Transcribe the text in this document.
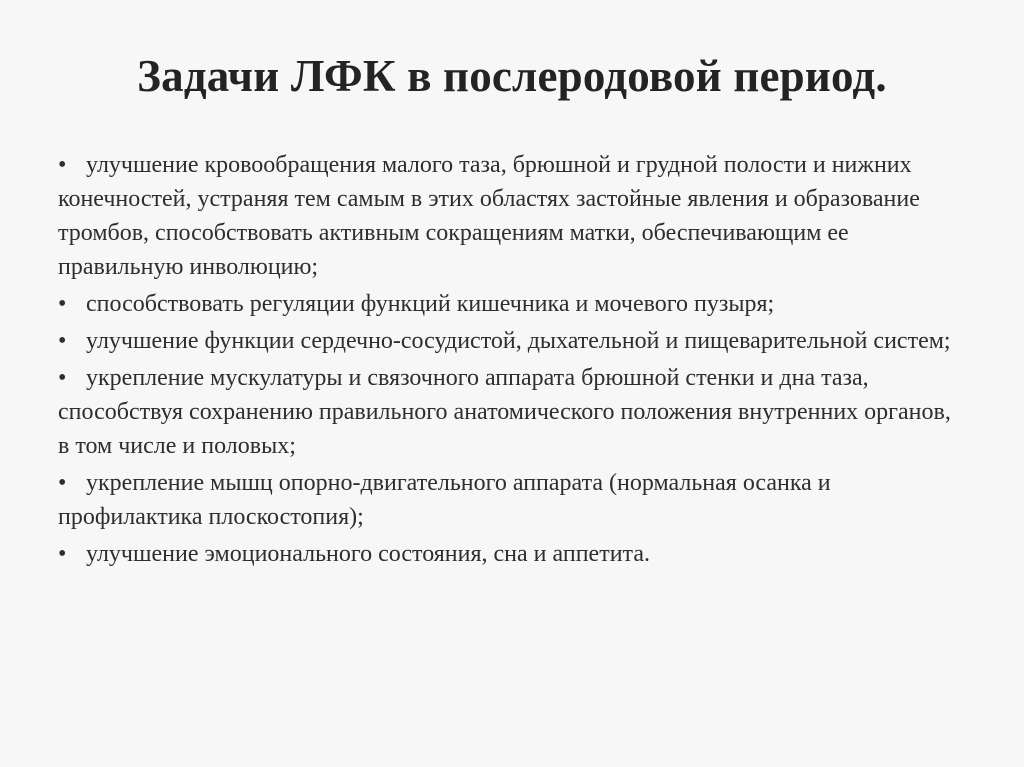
Задачи ЛФК в послеродовой период.
• улучшение кровообращения малого таза, брюшной и грудной полости и нижних конечностей, устраняя тем самым в этих областях застойные явления и образование тромбов, способствовать активным сокращениям матки, обеспечивающим ее правильную инволюцию;
• способствовать регуляции функций кишечника и мочевого пузыря;
• улучшение функции сердечно-сосудистой, дыхательной и пищеварительной систем;
• укрепление мускулатуры и связочного аппарата брюшной стенки и дна таза, способствуя сохранению правильного анатомического положения внутренних органов, в том числе и половых;
• укрепление мышц опорно-двигательного аппарата (нормальная осанка и профилактика плоскостопия);
• улучшение эмоционального состояния, сна и аппетита.
